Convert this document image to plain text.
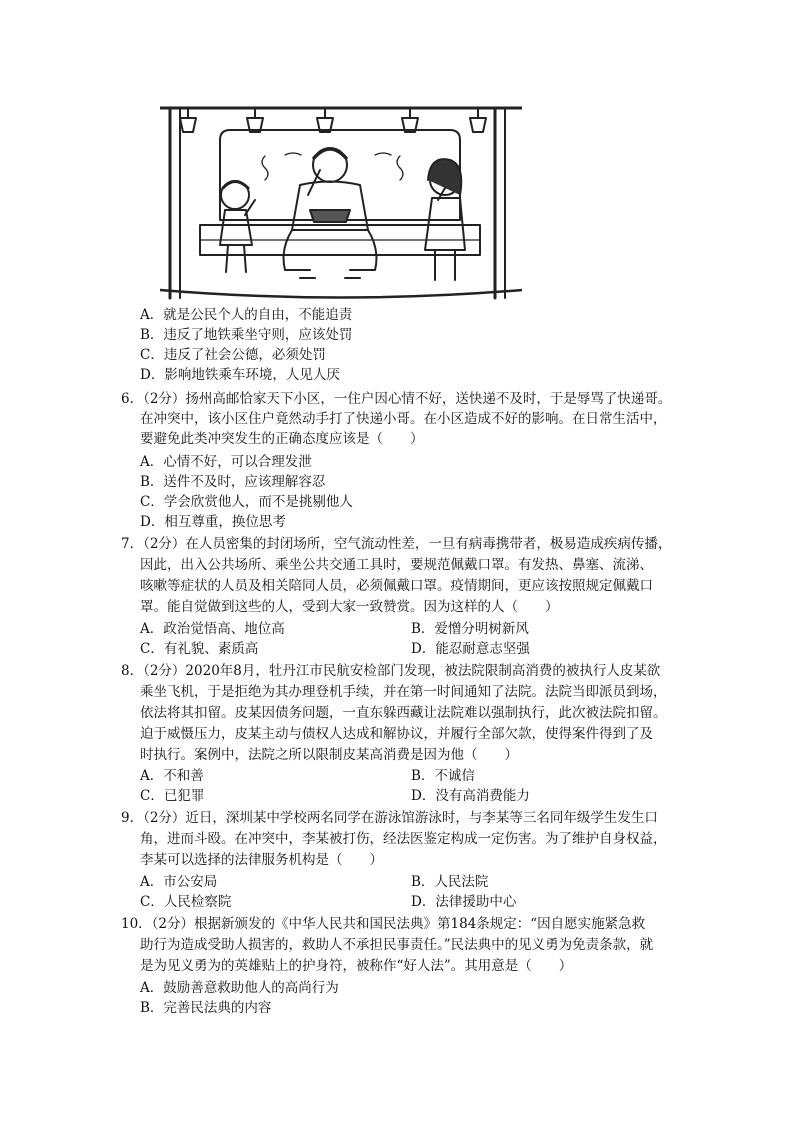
A．就是公民个人的自由，不能追责
B．违反了地铁乘坐守则，应该处罚
C．违反了社会公德，必须处罚
D．影响地铁乘车环境，人见人厌
6．（2分）扬州高邮恰家天下小区，一住户因心情不好，送快递不及时，于是辱骂了快递哥。
在冲突中，该小区住户竟然动手打了快递小哥。在小区造成不好的影响。在日常生活中，
要避免此类冲突发生的正确态度应该是（　　）
A．心情不好，可以合理发泄
B．送件不及时，应该理解容忍
C．学会欣赏他人，而不是挑剔他人
D．相互尊重，换位思考
7．（2分）在人员密集的封闭场所，空气流动性差，一旦有病毒携带者，极易造成疾病传播，
因此，出入公共场所、乘坐公共交通工具时，要规范佩戴口罩。有发热、鼻塞、流涕、
咳嗽等症状的人员及相关陪同人员，必须佩戴口罩。疫情期间，更应该按照规定佩戴口
罩。能自觉做到这些的人，受到大家一致赞赏。因为这样的人（　　）
A．政治觉悟高、地位高	B．爱憎分明树新风
C．有礼貌、素质高	D．能忍耐意志坚强
8．（2分）2020年8月，牡丹江市民航安检部门发现，被法院限制高消费的被执行人皮某欲
乘坐飞机，于是拒绝为其办理登机手续，并在第一时间通知了法院。法院当即派员到场，
依法将其扣留。皮某因债务问题，一直东躲西藏让法院难以强制执行，此次被法院扣留。
迫于威慑压力，皮某主动与债权人达成和解协议，并履行全部欠款，使得案件得到了及
时执行。案例中，法院之所以限制皮某高消费是因为他（　　）
A．不和善	B．不诚信
C．已犯罪	D．没有高消费能力
9．（2分）近日，深圳某中学校两名同学在游泳馆游泳时，与李某等三名同年级学生发生口
角，进而斗殴。在冲突中，李某被打伤，经法医鉴定构成一定伤害。为了维护自身权益，
李某可以选择的法律服务机构是（　　）
A．市公安局	B．人民法院
C．人民检察院	D．法律援助中心
10．（2分）根据新颁发的《中华人民共和国民法典》第184条规定：“因自愿实施紧急救
助行为造成受助人损害的，救助人不承担民事责任。”民法典中的见义勇为免责条款，就
是为见义勇为的英雄贴上的护身符，被称作“好人法”。其用意是（　　）
A．鼓励善意救助他人的高尚行为
B．完善民法典的内容
